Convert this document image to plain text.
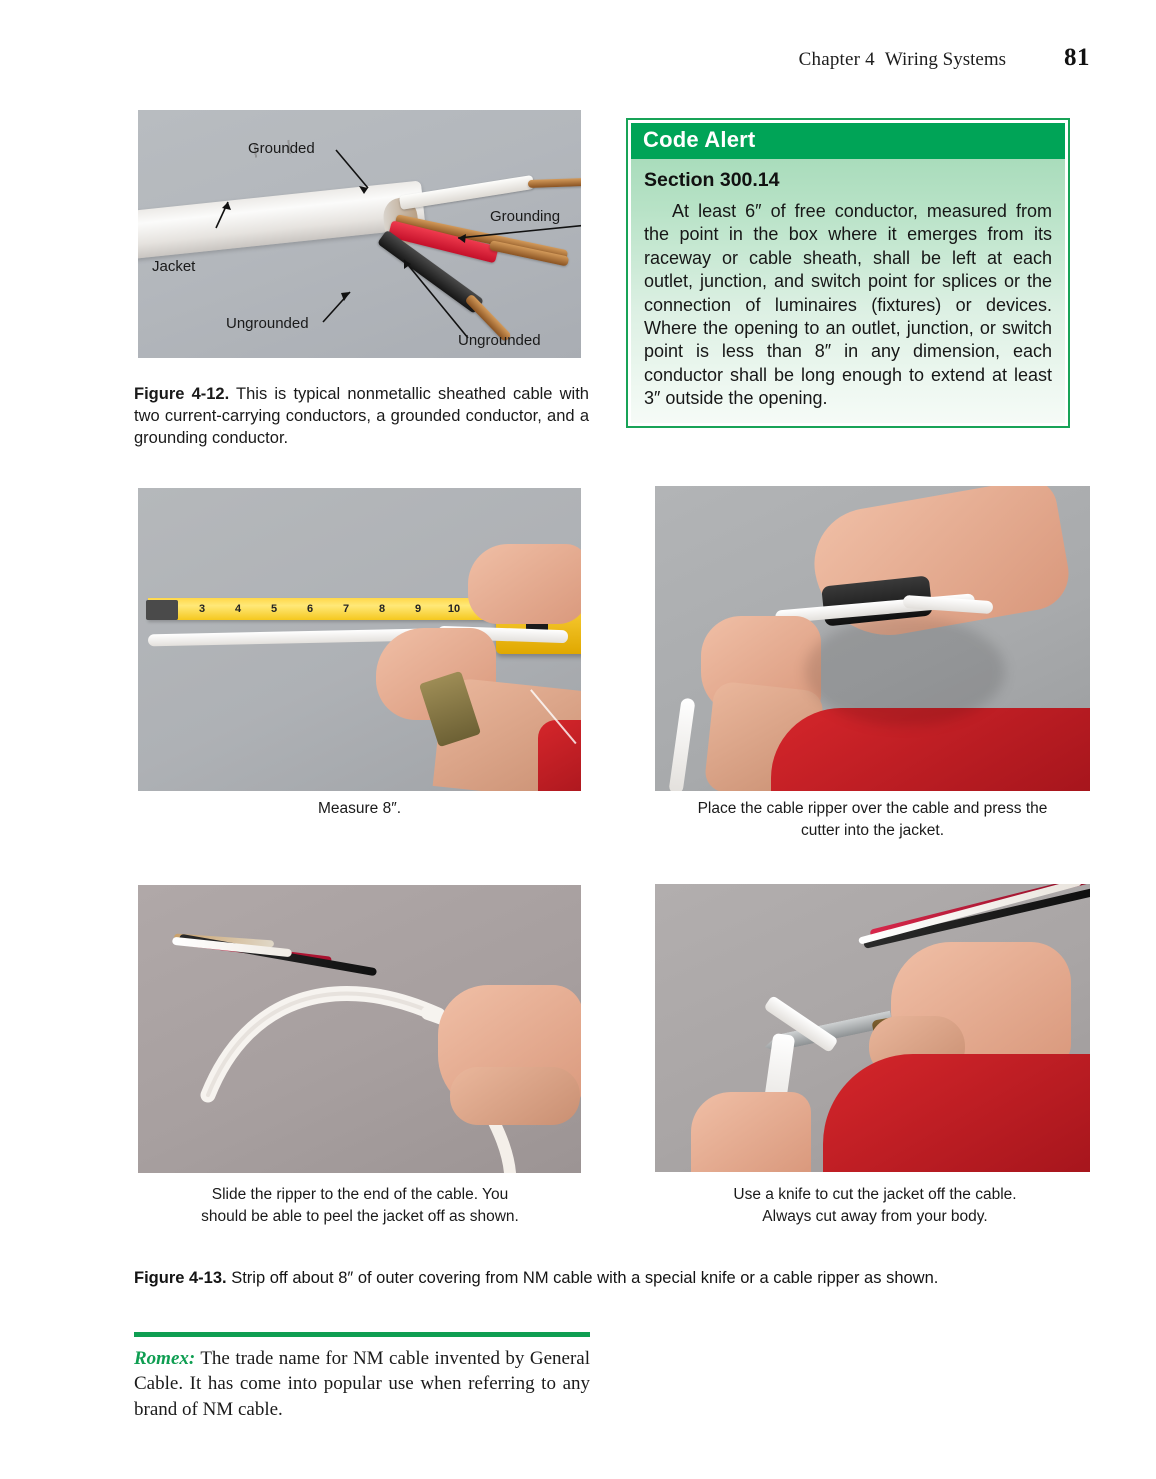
Chapter 4 Wiring Systems 81
Grounded
Grounding
Jacket
Ungrounded
Ungrounded
Figure 4-12. This is typical nonmetallic sheathed cable with two current-carrying conductors, a grounded conductor, and a grounding conductor.
Code Alert
Section 300.14
At least 6″ of free conductor, measured from the point in the box where it emerges from its raceway or cable sheath, shall be left at each outlet, junction, and switch point for splices or the connection of luminaires (fixtures) or devices. Where the opening to an outlet, junction, or switch point is less than 8″ in any dimension, each conductor shall be long enough to extend at least 3″ outside the opening.
3	4	5	6	7	8	9	10
Measure 8″.	Place the cable ripper over the cable and press the cutter into the jacket.
Slide the ripper to the end of the cable. You should be able to peel the jacket off as shown.
Use a knife to cut the jacket off the cable. Always cut away from your body.
Figure 4-13. Strip off about 8″ of outer covering from NM cable with a special knife or a cable ripper as shown.
Romex: The trade name for NM cable invented by General Cable. It has come into popular use when referring to any brand of NM cable.
